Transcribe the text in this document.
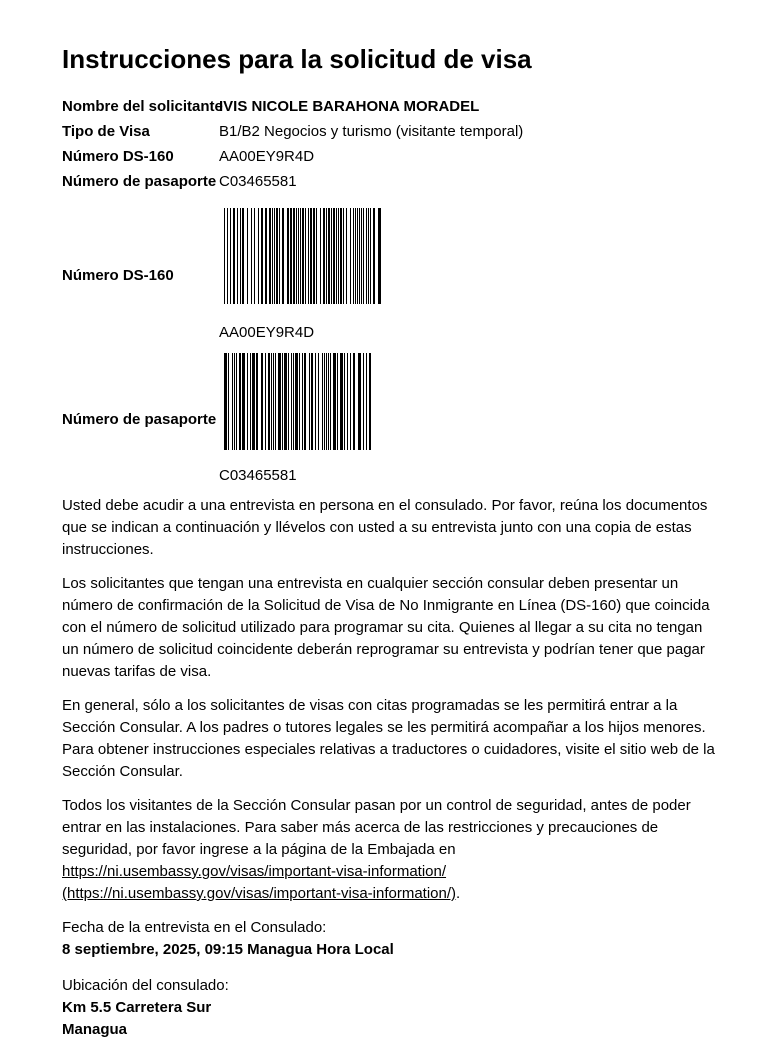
Instrucciones para la solicitud de visa
Nombre del solicitante
IVIS NICOLE BARAHONA MORADEL
Tipo de Visa	B1/B2 Negocios y turismo (visitante temporal)
Número DS-160	AA00EY9R4D
Número de pasaporte C03465581
Número DS-160
AA00EY9R4D
Número de pasaporte
C03465581

Usted debe acudir a una entrevista en persona en el consulado. Por favor, reúna los documentos que se indican a continuación y llévelos con usted a su entrevista junto con una copia de estas instrucciones.

Los solicitantes que tengan una entrevista en cualquier sección consular deben presentar un número de confirmación de la Solicitud de Visa de No Inmigrante en Línea (DS-160) que coincida con el número de solicitud utilizado para programar su cita. Quienes al llegar a su cita no tengan un número de solicitud coincidente deberán reprogramar su entrevista y podrían tener que pagar nuevas tarifas de visa.

En general, sólo a los solicitantes de visas con citas programadas se les permitirá entrar a la Sección Consular. A los padres o tutores legales se les permitirá acompañar a los hijos menores. Para obtener instrucciones especiales relativas a traductores o cuidadores, visite el sitio web de la Sección Consular.

Todos los visitantes de la Sección Consular pasan por un control de seguridad, antes de poder entrar en las instalaciones. Para saber más acerca de las restricciones y precauciones de seguridad, por favor ingrese a la página de la Embajada en https://ni.usembassy.gov/visas/important-visa-information/ (https://ni.usembassy.gov/visas/important-visa-information/).

Fecha de la entrevista en el Consulado:
8 septiembre, 2025, 09:15 Managua Hora Local
Ubicación del consulado:
Km 5.5 Carretera Sur
Managua
